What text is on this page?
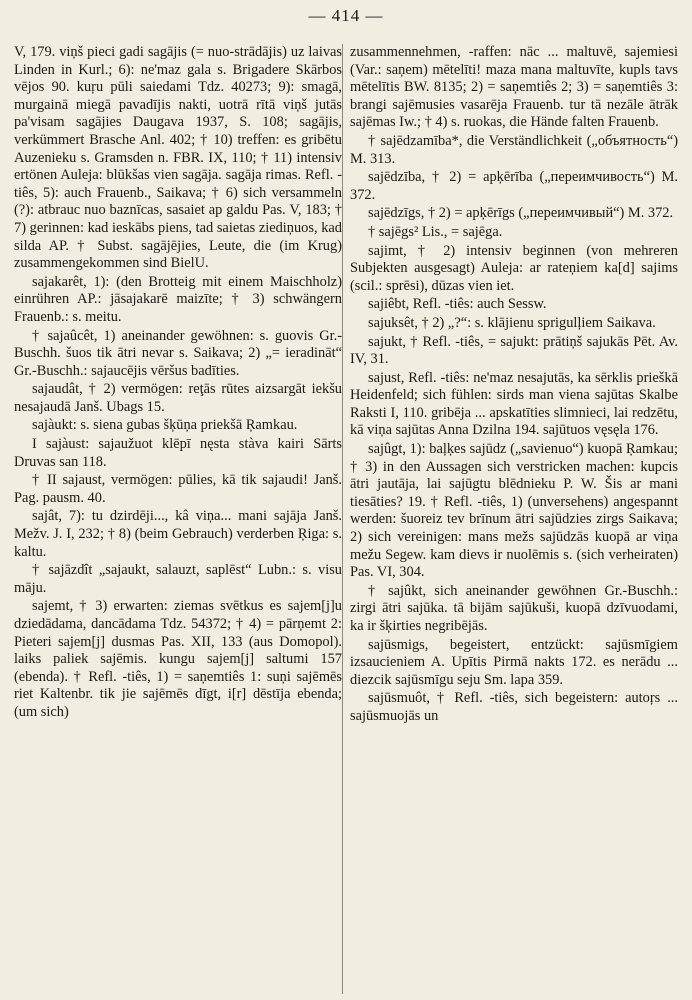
— 414 —

V, 179. viņš pieci gadi sagājis (= nuo-strādājis) uz laivas Linden in Kurl.; 6): ne'maz gala s. Brigadere Skārbos vējos 90. kuŗu pūli saiedami Tdz. 40273; 9): smagā, murgainā miegā pavadījis nakti, uotrā rītā viņš jutās pa'visam sagājies Daugava 1937, S. 108; sagājis, verkümmert Brasche Anl. 402; † 10) treffen: es gribētu Auzenieku s. Gramsden n. FBR. IX, 110; † 11) intensiv ertönen Auleja: blūkšas vien sagāja. sagāja rimas. Refl. -tiês, 5): auch Frauenb., Saikava; † 6) sich versammeln (?): atbrauc nuo baznīcas, sasaiet ap galdu Pas. V, 183; † 7) gerinnen: kad ieskābs piens, tad saietas ziediņuos, kad silda AP. † Subst. sagājējies, Leute, die (im Krug) zusammengekommen sind BielU.

sajakarêt, 1): (den Brotteig mit einem Maischholz) einrühren AP.: jāsajakarē maizīte; † 3) schwängern Frauenb.: s. meitu.

† sajaûcêt, 1) aneinander gewöhnen: s. guovis Gr.-Buschh. šuos tik ātri nevar s. Saikava; 2) „= ieradināt“ Gr.-Buschh.: sajaucējis vēršus badīties.

sajaudât, † 2) vermögen: reţās rūtes aizsargāt iekšu nesajaudā Janš. Ubags 15.

sajàukt: s. siena gubas šķūņa priekšā Ŗamkau.

I sajàust: sajaužuot klēpī nęsta stàva kairi Sārts Druvas san 118.

† II sajaust, vermögen: pūlies, kā tik sajaudi! Janš. Pag. pausm. 40.

sajât, 7): tu dzirdēji..., kâ viņa... mani sajāja Janš. Mežv. J. I, 232; † 8) (beim Gebrauch) verderben Ŗiga: s. kaltu.

† sajāzdît „sajaukt, salauzt, saplēst“ Lubn.: s. visu māju.

sajemt, † 3) erwarten: ziemas svētkus es sajem[j]u dziedādama, dancādama Tdz. 54372; † 4) = pārņemt 2: Pieteri sajem[j] dusmas Pas. XII, 133 (aus Domopol). laiks paliek sajēmis. kungu sajem[j] saltumi 157 (ebenda). † Refl. -tiês, 1) = saņemtiês 1: suņi sajēmēs riet Kaltenbr. tik jie sajēmēs dīgt, i[r] dēstīja ebenda; (um sich)

zusammennehmen, -raffen: nāc ... maltuvē, sajemiesi (Var.: saņem) mētelīti! maza mana maltuvīte, kupls tavs mētelītis BW. 8135; 2) = saņemtiês 2; 3) = saņemtiês 3: brangi sajēmusies vasarēja Frauenb. tur tā nezāle ātrāk sajēmas Iw.; † 4) s. ruokas, die Hände falten Frauenb.

† sajēdzamība*, die Verständlichkeit („объятность“) M. 313.

sajēdzība, † 2) = apķērība („переимчивость“) M. 372.

sajēdzīgs, † 2) = apķērīgs („переимчивый“) M. 372.

† sajēgs² Lis., = sajēga.

sajimt, † 2) intensiv beginnen (von mehreren Subjekten ausgesagt) Auleja: ar rateņiem ka[d] sajims (scil.: sprēsi), dūzas vien iet.

sajiêbt, Refl. -tiês: auch Sessw.

sajuksêt, † 2) „?“: s. klājienu sprigulļiem Saikava.

sajukt, † Refl. -tiês, = sajukt: prātiņš sajukās Pēt. Av. IV, 31.

sajust, Refl. -tiês: ne'maz nesajutās, ka sērklis prieškā Heidenfeld; sich fühlen: sirds man viena sajūtas Skalbe Raksti I, 110. gribēja ... apskatīties slimnieci, lai redzētu, kā viņa sajūtas Anna Dzilna 194. sajūtuos vęsęla 176.

sajûgt, 1): baļķes sajūdz („savienuo“) kuopā Ŗamkau; † 3) in den Aussagen sich verstricken machen: kupcis ātri jautāja, lai sajūgtu blēdnieku P. W. Šis ar mani tiesāties? 19. † Refl. -tiês, 1) (unversehens) angespannt werden: šuoreiz tev brīnum ātri sajūdzies zirgs Saikava; 2) sich vereinigen: mans mežs sajūdzās kuopā ar viņa mežu Segew. kam dievs ir nuolēmis s. (sich verheiraten) Pas. VI, 304.

† sajûkt, sich aneinander gewöhnen Gr.-Buschh.: zirgi ātri sajūka. tā bijām sajūkuši, kuopā dzīvuodami, ka ir šķirties negribējās.

sajūsmigs, begeistert, entzückt: sajūsmīgiem izsaucieniem A. Upītis Pirmā nakts 172. es nerādu ... diezcik sajūsmīgu seju Sm. lapa 359.

sajūsmuôt, † Refl. -tiês, sich begeistern: autoŗs ... sajūsmuojās un
